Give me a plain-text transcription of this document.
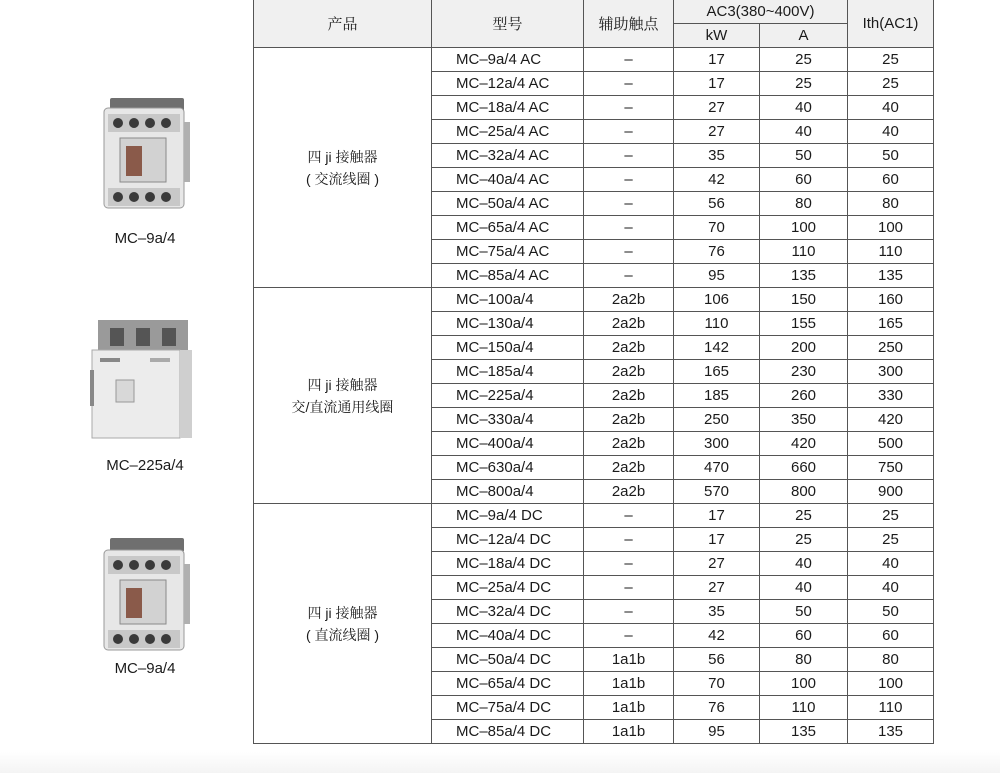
MC–9a/4
MC–225a/4
MC–9a/4
产品	型号	辅助触点	AC3(380~400V)		Ith(AC1)
			kW	A	

四 ji 接触器
( 交流线圈 )	MC–9a/4 AC	–	17	25	25
	MC–12a/4 AC	–	17	25	25
	MC–18a/4 AC	–	27	40	40
	MC–25a/4 AC	–	27	40	40
	MC–32a/4 AC	–	35	50	50
	MC–40a/4 AC	–	42	60	60
	MC–50a/4 AC	–	56	80	80
	MC–65a/4 AC	–	70	100	100
	MC–75a/4 AC	–	76	110	110
	MC–85a/4 AC	–	95	135	135

四 ji 接触器
交/直流通用线圈	MC–100a/4	2a2b	106	150	160
	MC–130a/4	2a2b	110	155	165
	MC–150a/4	2a2b	142	200	250
	MC–185a/4	2a2b	165	230	300
	MC–225a/4	2a2b	185	260	330
	MC–330a/4	2a2b	250	350	420
	MC–400a/4	2a2b	300	420	500
	MC–630a/4	2a2b	470	660	750
	MC–800a/4	2a2b	570	800	900

四 ji 接触器
( 直流线圈 )	MC–9a/4 DC	–	17	25	25
	MC–12a/4 DC	–	17	25	25
	MC–18a/4 DC	–	27	40	40
	MC–25a/4 DC	–	27	40	40
	MC–32a/4 DC	–	35	50	50
	MC–40a/4 DC	–	42	60	60
	MC–50a/4 DC	1a1b	56	80	80
	MC–65a/4 DC	1a1b	70	100	100
	MC–75a/4 DC	1a1b	76	110	110
	MC–85a/4 DC	1a1b	95	135	135
